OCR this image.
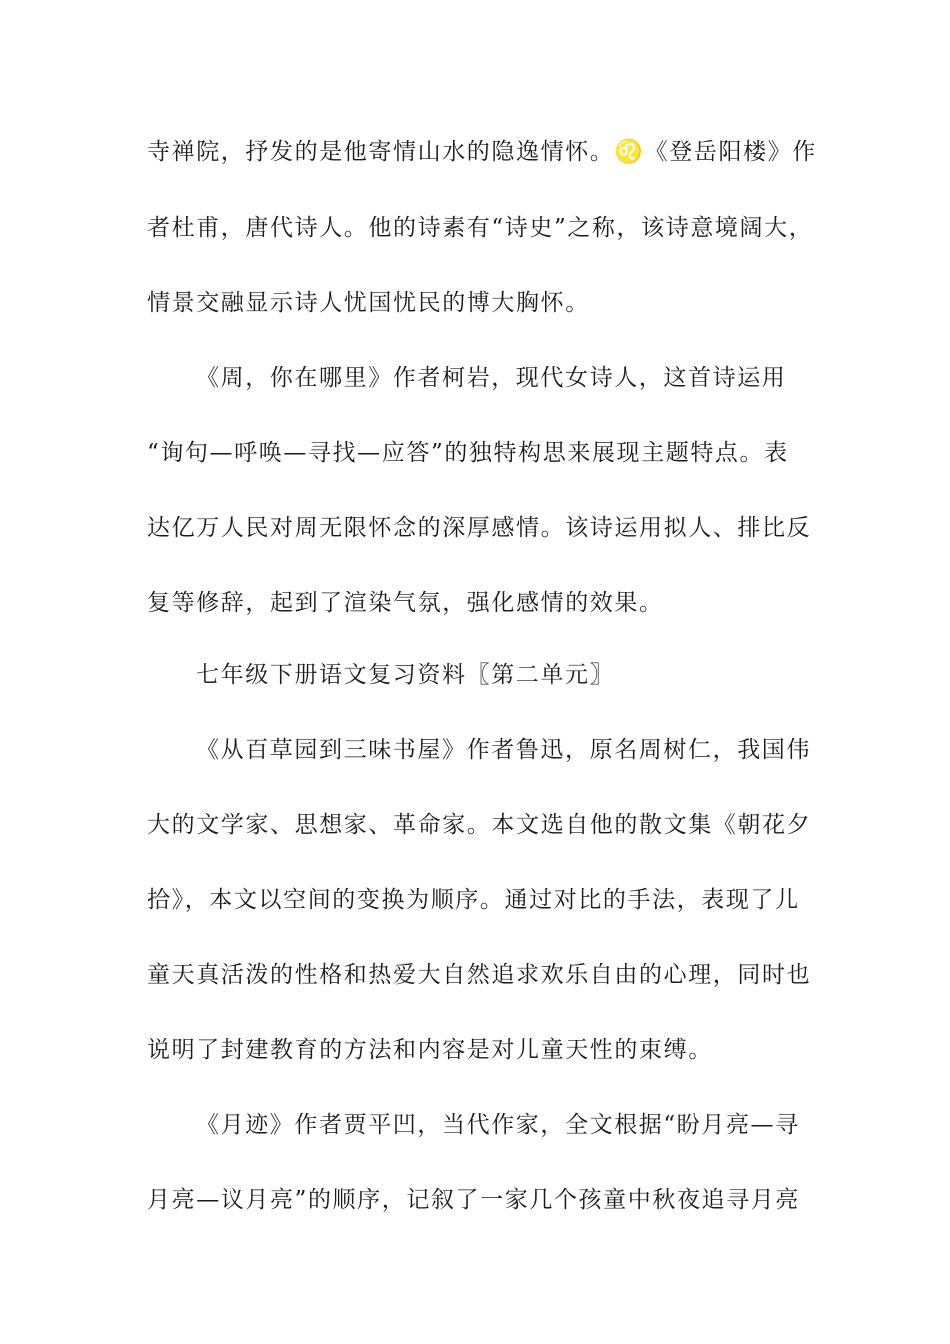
寺禅院，抒发的是他寄情山水的隐逸情怀。♌《登岳阳楼》作
者杜甫，唐代诗人。他的诗素有“诗史”之称，该诗意境阔大，
情景交融显示诗人忧国忧民的博大胸怀。
《周，你在哪里》作者柯岩，现代女诗人，这首诗运用
“询句—呼唤—寻找—应答”的独特构思来展现主题特点。表
达亿万人民对周无限怀念的深厚感情。该诗运用拟人、排比反
复等修辞，起到了渲染气氛，强化感情的效果。
七年级下册语文复习资料〖第二单元〗
《从百草园到三味书屋》作者鲁迅，原名周树仁，我国伟
大的文学家、思想家、革命家。本文选自他的散文集《朝花夕
拾》，本文以空间的变换为顺序。通过对比的手法，表现了儿
童天真活泼的性格和热爱大自然追求欢乐自由的心理，同时也
说明了封建教育的方法和内容是对儿童天性的束缚。
《月迹》作者贾平凹，当代作家，全文根据“盼月亮—寻
月亮—议月亮”的顺序，记叙了一家几个孩童中秋夜追寻月亮
